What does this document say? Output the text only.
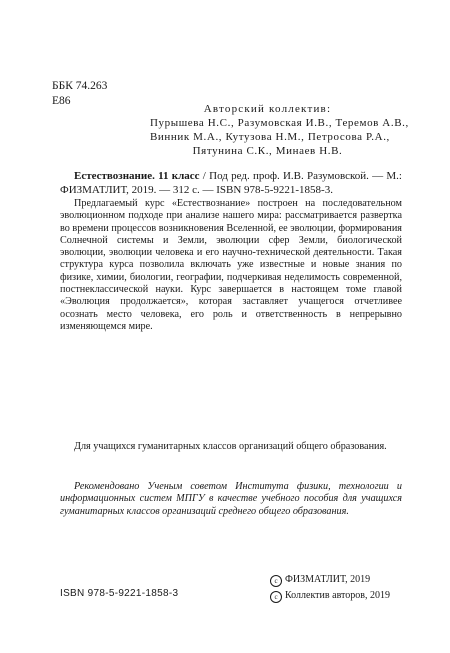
ББК 74.263
Е86
Авторский коллектив:
Пурышева Н.С., Разумовская И.В., Теремов А.В.,
Винник М.А., Кутузова Н.М., Петросова Р.А.,
Пятунина С.К., Минаев Н.В.
Естествознание. 11 класс / Под ред. проф. И.В. Разумовской. — М.: ФИЗМАТЛИТ, 2019. — 312 с. — ISBN 978-5-9221-1858-3.

Предлагаемый курс «Естествознание» построен на последовательном эволюционном подходе при анализе нашего мира: рассматривается развертка во времени процессов возникновения Вселенной, ее эволюции, формирования Солнечной системы и Земли, эволюции сфер Земли, биологической эволюции, эволюции человека и его научно-технической деятельности. Такая структура курса позволила включать уже известные и новые знания по физике, химии, биологии, географии, подчеркивая неделимость современной, постнеклассической науки. Курс завершается в настоящем томе главой «Эволюция продолжается», которая заставляет учащегося отчетливее осознать место человека, его роль и ответственность в непрерывно изменяющемся мире.

Для учащихся гуманитарных классов организаций общего образования.

Рекомендовано Ученым советом Института физики, технологии и информационных систем МПГУ в качестве учебного пособия для учащихся гуманитарных классов организаций среднего общего образования.

ISBN 978-5-9221-1858-3
c ФИЗМАТЛИТ, 2019
c Коллектив авторов, 2019
